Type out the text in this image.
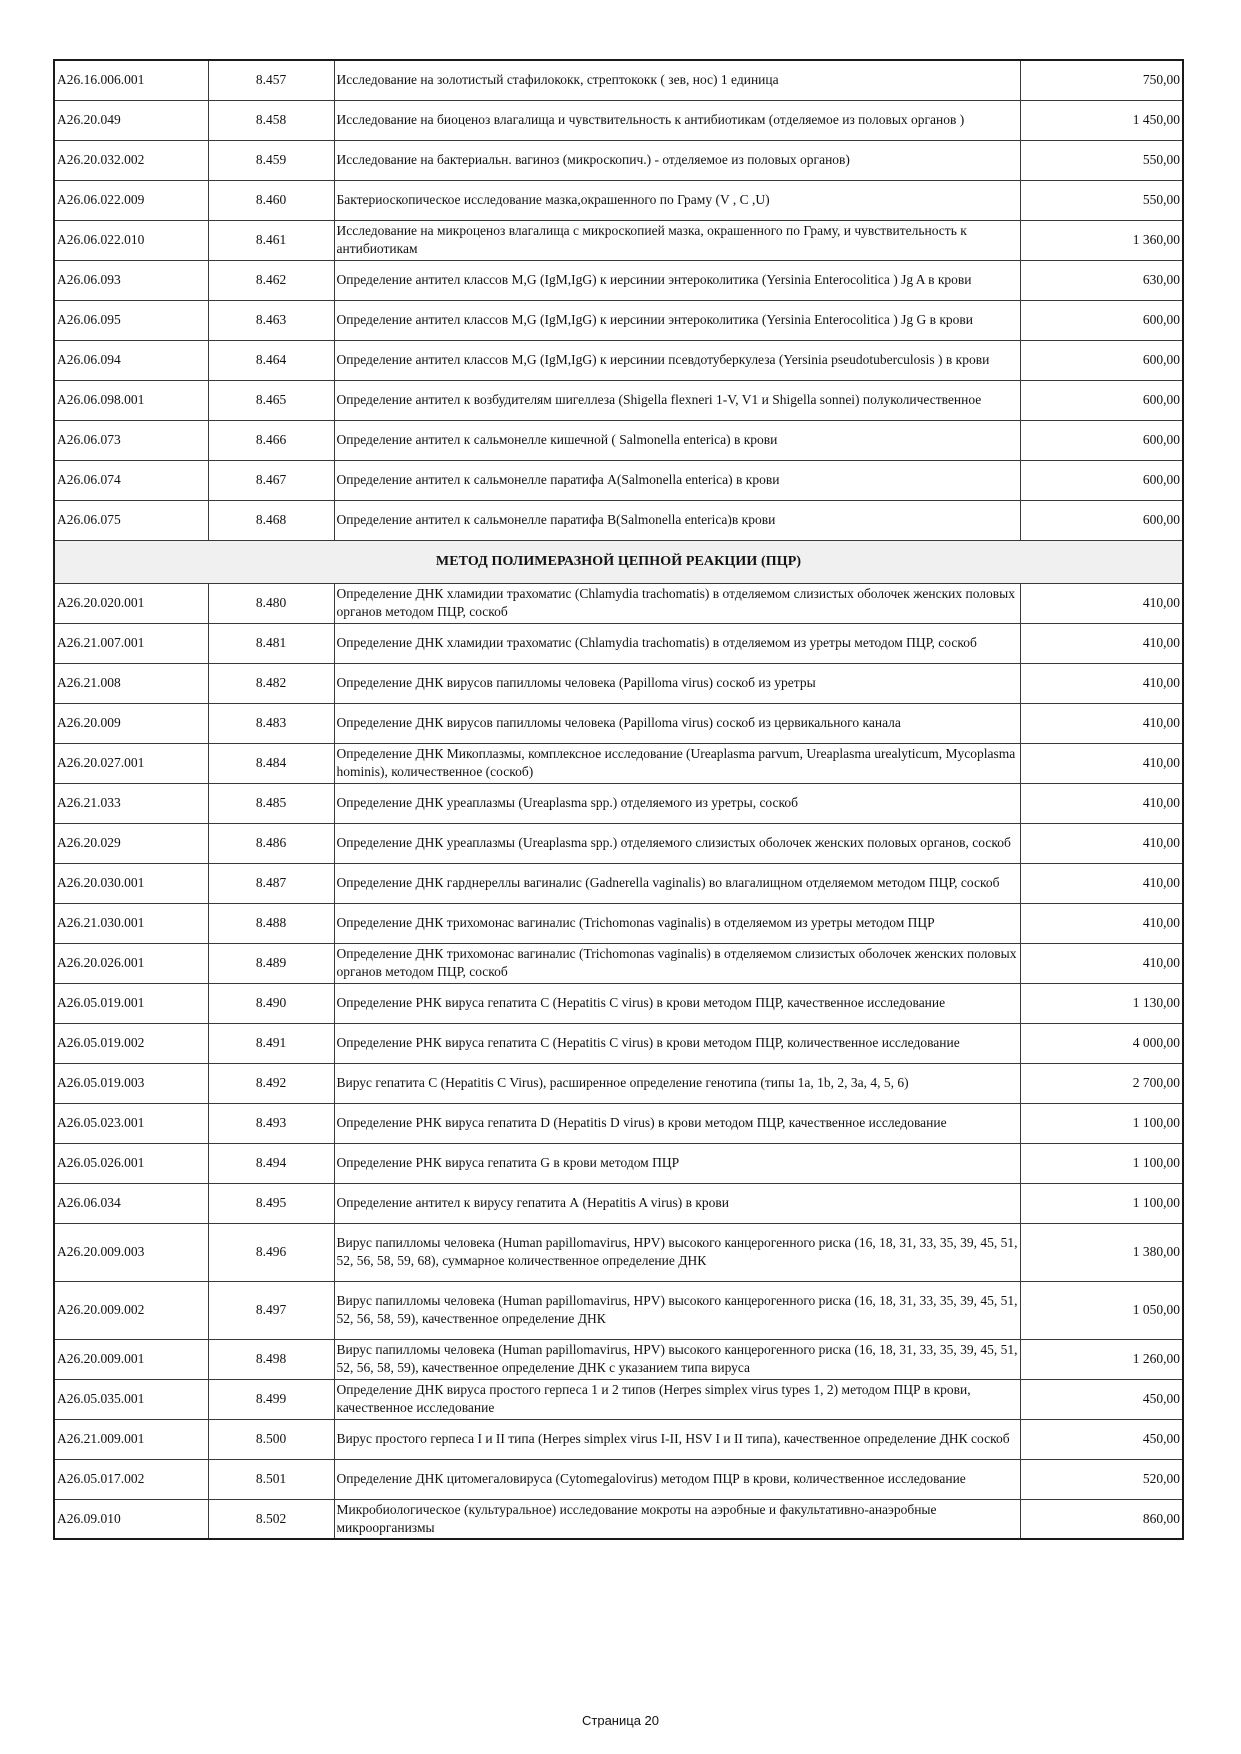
A26.16.006.001	8.457	Исследование на золотистый стафилококк, стрептококк ( зев, нос) 1 единица	750,00
A26.20.049	8.458	Исследование на биоценоз влагалища и чувствительность к антибиотикам (отделяемое из половых органов )	1 450,00
A26.20.032.002	8.459	Исследование на бактериальн. вагиноз (микроскопич.) - отделяемое из половых органов)	550,00
A26.06.022.009	8.460	Бактериоскопическое исследование мазка,окрашенного по Граму (V , C ,U)	550,00
A26.06.022.010	8.461	Исследование на микроценоз влагалища с микроскопией мазка, окрашенного по Граму, и чувствительность к антибиотикам	1 360,00
A26.06.093	8.462	Определение антител классов M,G (IgM,IgG) к иерсинии энтероколитика (Yersinia Enterocolitica ) Jg A в крови	630,00
A26.06.095	8.463	Определение антител классов M,G (IgM,IgG) к иерсинии энтероколитика (Yersinia Enterocolitica ) Jg G в крови	600,00
A26.06.094	8.464	Определение антител классов M,G (IgM,IgG) к иерсинии псевдотуберкулеза (Yersinia pseudotuberculosis ) в крови	600,00
A26.06.098.001	8.465	Определение антител к возбудителям шигеллеза (Shigella flexneri 1-V, V1 и Shigella sonnei) полуколичественное	600,00
A26.06.073	8.466	Определение антител к сальмонелле кишечной ( Salmonella enterica) в крови	600,00
A26.06.074	8.467	Определение антител к сальмонелле паратифа A(Salmonella enterica) в крови	600,00
A26.06.075	8.468	Определение антител к сальмонелле паратифа B(Salmonella enterica)в крови	600,00
МЕТОД ПОЛИМЕРАЗНОЙ ЦЕПНОЙ РЕАКЦИИ (ПЦР)			
A26.20.020.001	8.480	Определение ДНК хламидии трахоматис (Chlamydia trachomatis) в отделяемом слизистых оболочек женских половых органов методом ПЦР, соскоб	410,00
A26.21.007.001	8.481	Определение ДНК хламидии трахоматис (Chlamydia trachomatis) в отделяемом из уретры методом ПЦР, соскоб	410,00
A26.21.008	8.482	Определение ДНК вирусов папилломы человека (Papilloma virus) соскоб из уретры	410,00
A26.20.009	8.483	Определение ДНК вирусов папилломы человека (Papilloma virus) соскоб из цервикального канала	410,00
A26.20.027.001	8.484	Определение ДНК Микоплазмы, комплексное исследование (Ureaplasma parvum, Ureaplasma urealyticum, Mycoplasma hominis), количественное (соскоб)	410,00
A26.21.033	8.485	Определение ДНК уреаплазмы (Ureaplasma spp.) отделяемого из уретры, соскоб	410,00
A26.20.029	8.486	Определение ДНК уреаплазмы (Ureaplasma spp.) отделяемого слизистых оболочек женских половых органов, соскоб	410,00
A26.20.030.001	8.487	Определение ДНК гарднереллы вагиналис (Gadnerella vaginalis) во влагалищном отделяемом методом ПЦР, соскоб	410,00
A26.21.030.001	8.488	Определение ДНК трихомонас вагиналис (Trichomonas vaginalis) в отделяемом из уретры методом ПЦР	410,00
A26.20.026.001	8.489	Определение ДНК трихомонас вагиналис (Trichomonas vaginalis) в отделяемом слизистых оболочек женских половых органов методом ПЦР, соскоб	410,00
A26.05.019.001	8.490	Определение РНК вируса гепатита С (Hepatitis C virus) в крови методом ПЦР, качественное исследование	1 130,00
A26.05.019.002	8.491	Определение РНК вируса гепатита С (Hepatitis C virus) в крови методом ПЦР, количественное исследование	4 000,00
A26.05.019.003	8.492	Вирус гепатита C (Hepatitis C Virus), расширенное определение генотипа (типы 1a, 1b, 2, 3a, 4, 5, 6)	2 700,00
A26.05.023.001	8.493	Определение РНК вируса гепатита D (Hepatitis D virus) в крови методом ПЦР, качественное исследование	1 100,00
A26.05.026.001	8.494	Определение РНК вируса гепатита G в крови методом ПЦР	1 100,00
A26.06.034	8.495	Определение антител к вирусу гепатита А (Hepatitis A virus) в крови	1 100,00
A26.20.009.003	8.496	Вирус папилломы человека (Human papillomavirus, HPV) высокого канцерогенного риска (16, 18, 31, 33, 35, 39, 45, 51, 52, 56, 58, 59, 68), суммарное количественное определение ДНК	1 380,00
A26.20.009.002	8.497	Вирус папилломы человека (Human papillomavirus, HPV) высокого канцерогенного риска (16, 18, 31, 33, 35, 39, 45, 51, 52, 56, 58, 59), качественное определение ДНК	1 050,00
A26.20.009.001	8.498	Вирус папилломы человека (Human papillomavirus, HPV) высокого канцерогенного риска (16, 18, 31, 33, 35, 39, 45, 51, 52, 56, 58, 59), качественное определение ДНК с указанием типа вируса	1 260,00
A26.05.035.001	8.499	Определение ДНК вируса простого герпеса 1 и 2 типов (Herpes simplex virus types 1, 2) методом ПЦР в крови, качественное исследование	450,00
A26.21.009.001	8.500	Вирус простого герпеса I и II типа (Herpes simplex virus I-II, HSV I и II типа), качественное определение ДНК соскоб	450,00
A26.05.017.002	8.501	Определение ДНК цитомегаловируса (Cytomegalovirus) методом ПЦР в крови, количественное исследование	520,00
A26.09.010	8.502	Микробиологическое (культуральное) исследование мокроты на аэробные и факультативно-анаэробные микроорганизмы	860,00
Страница 20
